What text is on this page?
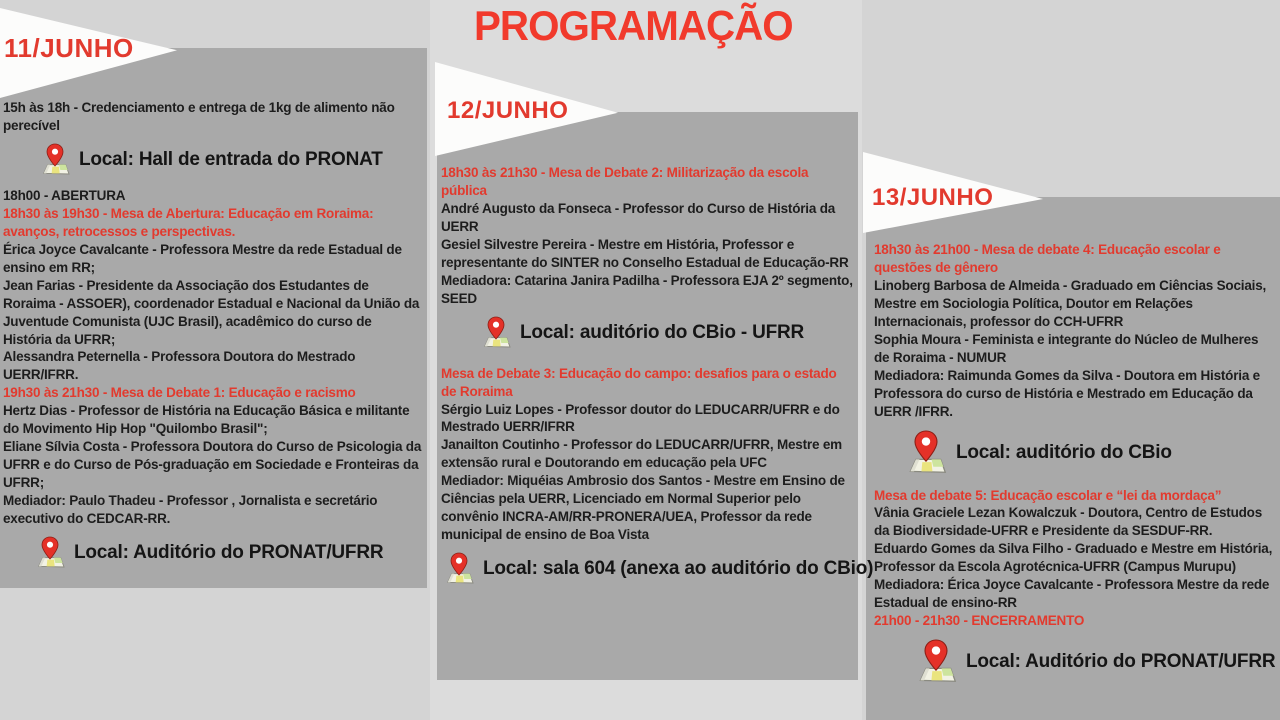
PROGRAMAÇÃO
11/JUNHO
12/JUNHO
13/JUNHO

15h às 18h - Credenciamento e entrega de 1kg de alimento não perecível

Local: Hall de entrada do PRONAT

18h00 - ABERTURA

18h30 às 19h30 - Mesa de Abertura: Educação em Roraima: avanços, retrocessos e perspectivas.

Érica Joyce Cavalcante - Professora Mestre da rede Estadual de ensino em RR;

Jean Farias - Presidente da Associação dos Estudantes de Roraima - ASSOER), coordenador Estadual e Nacional da União da Juventude Comunista (UJC Brasil), acadêmico do curso de História da UFRR;

Alessandra Peternella - Professora Doutora do Mestrado UERR/IFRR.

19h30 às 21h30 - Mesa de Debate 1: Educação e racismo

Hertz Dias - Professor de História na Educação Básica e militante do Movimento Hip Hop "Quilombo Brasil";

Eliane Sílvia Costa - Professora Doutora do Curso de Psicologia da UFRR e do Curso de Pós-graduação em Sociedade e Fronteiras da UFRR;

Mediador: Paulo Thadeu - Professor , Jornalista e secretário executivo do CEDCAR-RR.

Local: Auditório do PRONAT/UFRR

18h30 às 21h30 - Mesa de Debate 2: Militarização da escola pública

André Augusto da Fonseca - Professor do Curso de História da UERR

Gesiel Silvestre Pereira - Mestre em História, Professor e representante do SINTER no Conselho Estadual de Educação-RR

Mediadora: Catarina Janira Padilha - Professora EJA 2º segmento, SEED

Local: auditório do CBio - UFRR

Mesa de Debate 3: Educação do campo: desafios para o estado de Roraima

Sérgio Luiz Lopes - Professor doutor do LEDUCARR/UFRR e do Mestrado UERR/IFRR

Janailton Coutinho - Professor do LEDUCARR/UFRR, Mestre em extensão rural e Doutorando em educação pela UFC

Mediador: Miquéias Ambrosio dos Santos - Mestre em Ensino de Ciências pela UERR, Licenciado em Normal Superior pelo convênio INCRA-AM/RR-PRONERA/UEA, Professor da rede municipal de ensino de Boa Vista

Local: sala 604 (anexa ao auditório do CBio)

18h30 às 21h00 - Mesa de debate 4: Educação escolar e questões de gênero

Linoberg Barbosa de Almeida - Graduado em Ciências Sociais, Mestre em Sociologia Política, Doutor em Relações Internacionais, professor do CCH-UFRR

Sophia Moura - Feminista e integrante do Núcleo de Mulheres de Roraima - NUMUR

Mediadora: Raimunda Gomes da Silva - Doutora em História e Professora do curso de História e Mestrado em Educação da UERR /IFRR.

Local: auditório do CBio

Mesa de debate 5: Educação escolar e “lei da mordaça”

Vânia Graciele Lezan Kowalczuk - Doutora, Centro de Estudos da Biodiversidade-UFRR e Presidente da SESDUF-RR.

Eduardo Gomes da Silva Filho - Graduado e Mestre em História, Professor da Escola Agrotécnica-UFRR (Campus Murupu)

Mediadora: Érica Joyce Cavalcante - Professora Mestre da rede Estadual de ensino-RR

21h00 - 21h30 - ENCERRAMENTO

Local: Auditório do PRONAT/UFRR
